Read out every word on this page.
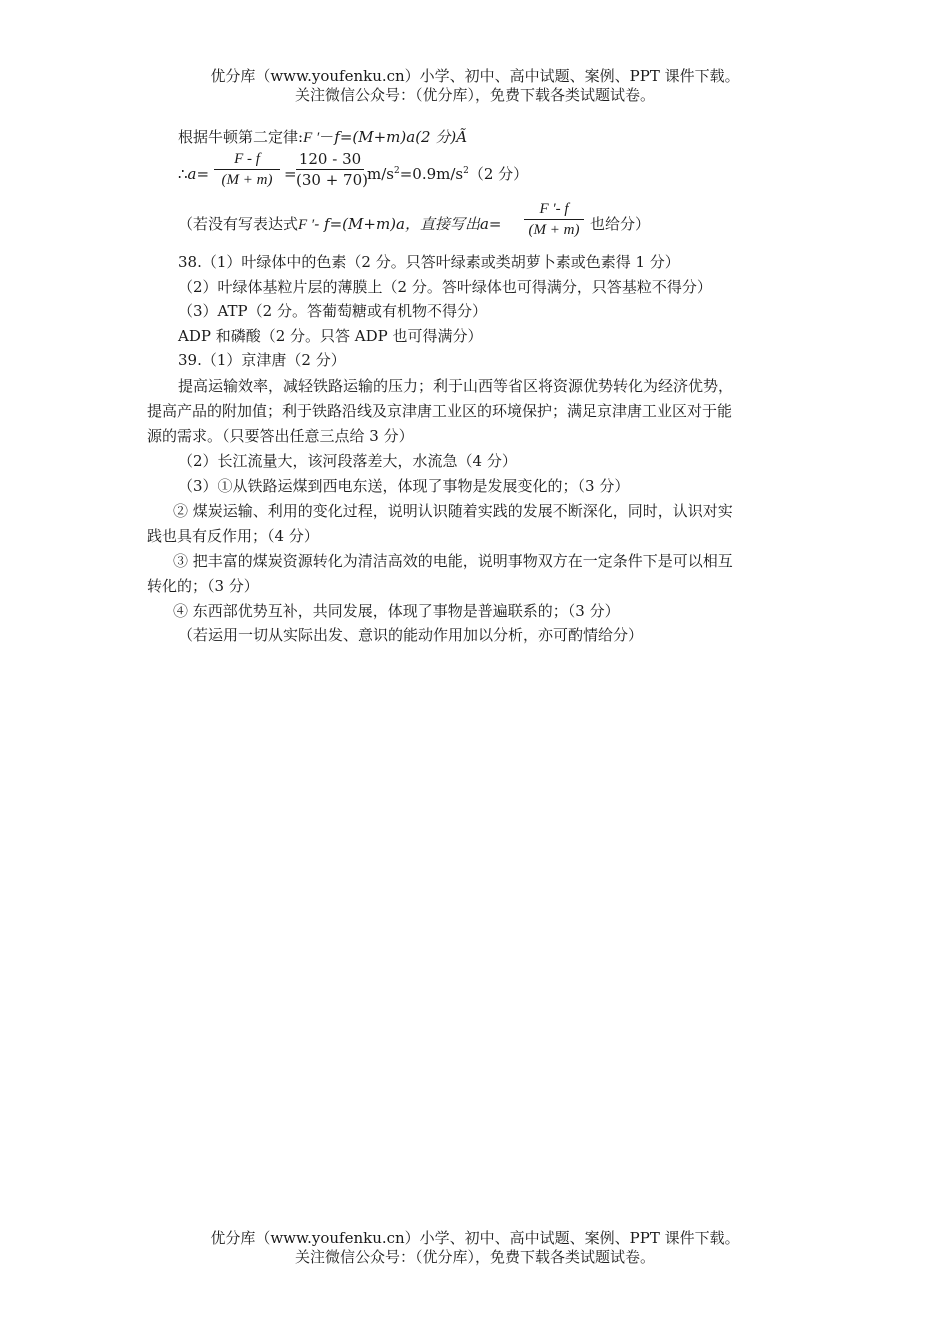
优分库（www.youfenku.cn）小学、初中、高中试题、案例、PPT 课件下载。
关注微信公众号：（优分库），免费下载各类试题试卷。
根据牛顿第二定律:F ′－f=(M+m)a(2 分)Ã
∴a=
F - f
(M + m) =
120 - 30
(30 + 70) $m/s^2=0.9m/s^2(2$ 分）
（若没有写表达式F ′- f=(M+m)a，直接写出a=
F ′- f
(M + m) 也给分）
38.（1）叶绿体中的色素（2 分。只答叶绿素或类胡萝卜素或色素得 1 分）
（2）叶绿体基粒片层的薄膜上（2 分。答叶绿体也可得满分，只答基粒不得分）
（3）ATP（2 分。答葡萄糖或有机物不得分）
ADP 和磷酸（2 分。只答 ADP 也可得满分）
39.（1）京津唐（2 分）
提高运输效率，减轻铁路运输的压力；利于山西等省区将资源优势转化为经济优势，
提高产品的附加值；利于铁路沿线及京津唐工业区的环境保护；满足京津唐工业区对于能
源的需求。（只要答出任意三点给 3 分）
（2）长江流量大，该河段落差大，水流急（4 分）
（3）①从铁路运煤到西电东送，体现了事物是发展变化的；（3 分）
② 煤炭运输、利用的变化过程，说明认识随着实践的发展不断深化，同时，认识对实
践也具有反作用；（4 分）
③ 把丰富的煤炭资源转化为清洁高效的电能，说明事物双方在一定条件下是可以相互
转化的；（3 分）
④ 东西部优势互补，共同发展，体现了事物是普遍联系的；（3 分）
（若运用一切从实际出发、意识的能动作用加以分析，亦可酌情给分）
优分库（www.youfenku.cn）小学、初中、高中试题、案例、PPT 课件下载。
关注微信公众号：（优分库），免费下载各类试题试卷。
